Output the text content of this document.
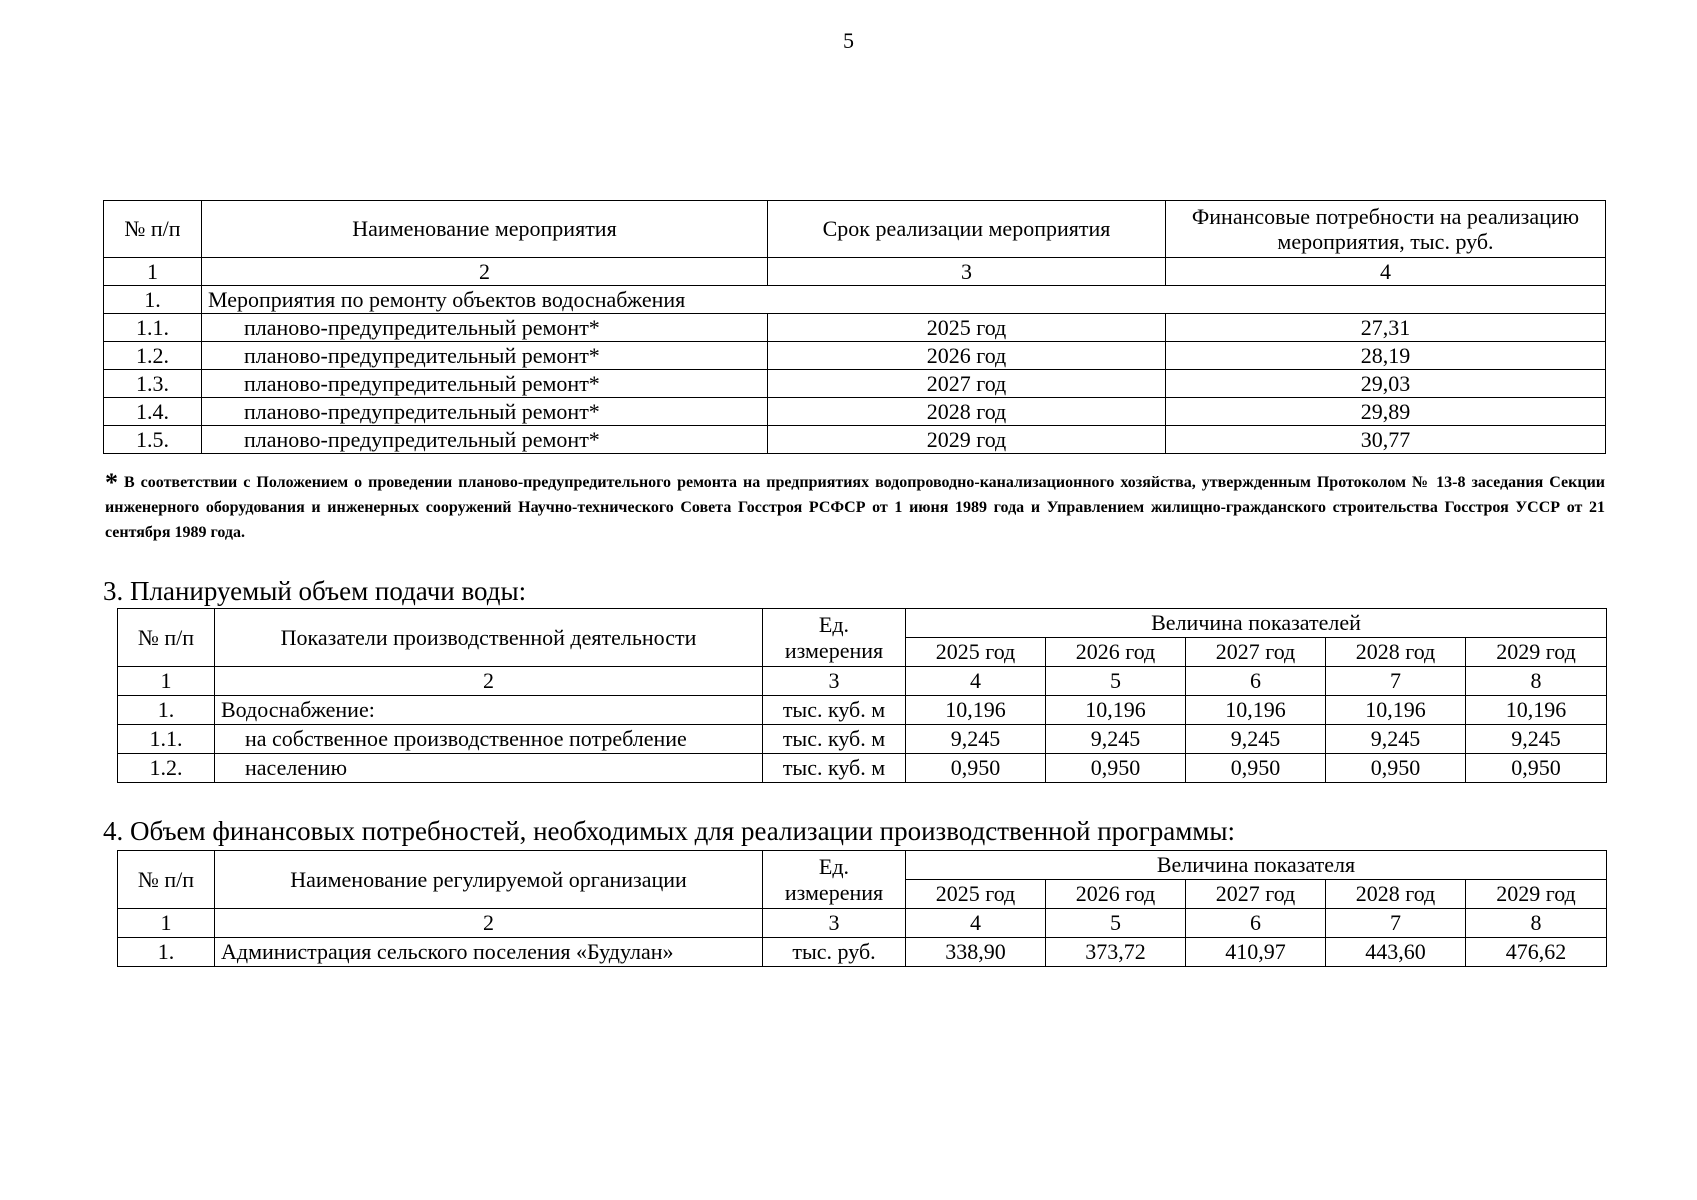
5
№ п/п	Наименование мероприятия	Срок реализации мероприятия	Финансовые потребности на реализацию мероприятия, тыс. руб.
1	2	3	4
1.	Мероприятия по ремонту объектов водоснабжения		
1.1.	планово-предупредительный ремонт*	2025 год	27,31
1.2.	планово-предупредительный ремонт*	2026 год	28,19
1.3.	планово-предупредительный ремонт*	2027 год	29,03
1.4.	планово-предупредительный ремонт*	2028 год	29,89
1.5.	планово-предупредительный ремонт*	2029 год	30,77
* В соответствии с Положением о проведении планово-предупредительного ремонта на предприятиях водопроводно-канализационного хозяйства, утвержденным Протоколом № 13-8 заседания Секции инженерного оборудования и инженерных сооружений Научно-технического Совета Госстроя РСФСР от 1 июня 1989 года и Управлением жилищно-гражданского строительства Госстроя УССР от 21 сентября 1989 года.
3. Планируемый объем подачи воды:
№ п/п	Показатели производственной деятельности	Ед. измерения	Величина показателей				
			2025 год	2026 год	2027 год	2028 год	2029 год
1	2	3	4	5	6	7	8
1.	Водоснабжение:	тыс. куб. м	10,196	10,196	10,196	10,196	10,196
1.1.	на собственное производственное потребление	тыс. куб. м	9,245	9,245	9,245	9,245	9,245
1.2.	населению	тыс. куб. м	0,950	0,950	0,950	0,950	0,950
4. Объем финансовых потребностей, необходимых для реализации производственной программы:
№ п/п	Наименование регулируемой организации	Ед. измерения	Величина показателя				
			2025 год	2026 год	2027 год	2028 год	2029 год
1	2	3	4	5	6	7	8
1.	Администрация сельского поселения «Будулан»	тыс. руб.	338,90	373,72	410,97	443,60	476,62
